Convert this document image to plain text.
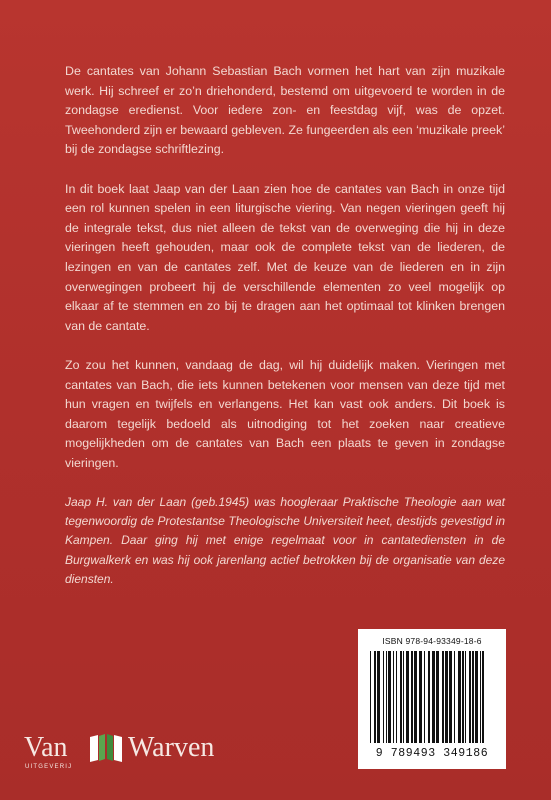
De cantates van Johann Sebastian Bach vormen het hart van zijn muzikale werk. Hij schreef er zo’n driehonderd, bestemd om uitgevoerd te worden in de zondagse eredienst. Voor iedere zon- en feestdag vijf, was de opzet. Tweehonderd zijn er bewaard gebleven. Ze fungeerden als een ‘muzikale preek’ bij de zondagse schriftlezing.

In dit boek laat Jaap van der Laan zien hoe de cantates van Bach in onze tijd een rol kunnen spelen in een liturgische viering. Van negen vieringen geeft hij de integrale tekst, dus niet alleen de tekst van de overweging die hij in deze vieringen heeft gehouden, maar ook de complete tekst van de liederen, de lezingen en van de cantates zelf. Met de keuze van de liederen en in zijn overwegingen probeert hij de verschillende elementen zo veel mogelijk op elkaar af te stemmen en zo bij te dragen aan het optimaal tot klinken brengen van de cantate.

Zo zou het kunnen, vandaag de dag, wil hij duidelijk maken. Vieringen met cantates van Bach, die iets kunnen betekenen voor mensen van deze tijd met hun vragen en twijfels en verlangens. Het kan vast ook anders. Dit boek is daarom tegelijk bedoeld als uitnodiging tot het zoeken naar creatieve mogelijkheden om de cantates van Bach een plaats te geven in zondagse vieringen.

Jaap H. van der Laan (geb.1945) was hoogleraar Praktische Theologie aan wat tegenwoordig de Protestantse Theologische Universiteit heet, destijds gevestigd in Kampen. Daar ging hij met enige regelmaat voor in cantatediensten in de Burgwalkerk en was hij ook jarenlang actief betrokken bij de organisatie van deze diensten.

ISBN 978-94-93349-18-6
9 789493 349186
Van Warven
UITGEVERIJ
